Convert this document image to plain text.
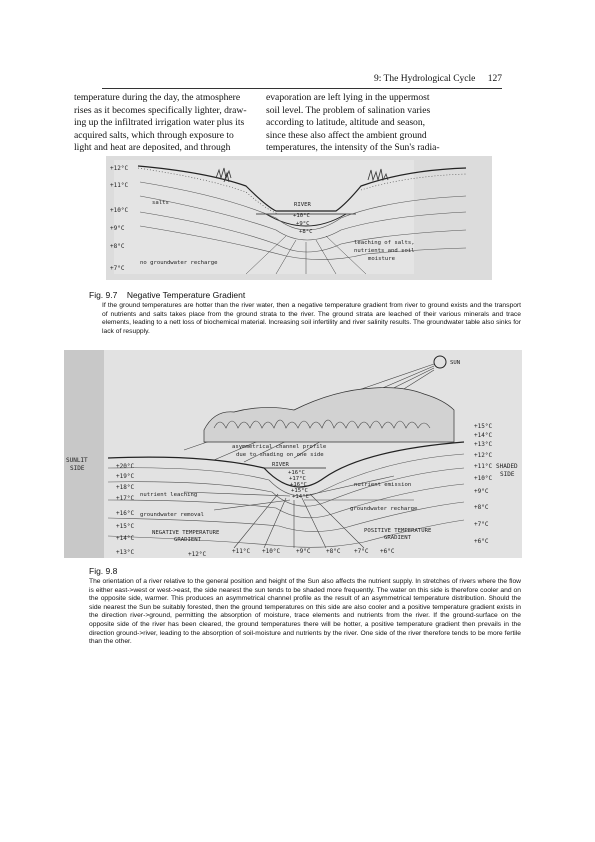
9: The Hydrological Cycle 127
temperature during the day, the atmosphere
rises as it becomes specifically lighter, draw-
ing up the infiltrated irrigation water plus its
acquired salts, which through exposure to
light and heat are deposited, and through
evaporation are left lying in the uppermost
soil level. The problem of salination varies
according to latitude, altitude and season,
since these also affect the ambient ground
temperatures, the intensity of the Sun's radia-
+12°C
+11°C
+10°C
+9°C
+8°C
+7°C
salts	RIVER
+10°C
+9°C
+8°C
leaching of salts,
nutrients and soil
moisture
no groundwater recharge
Fig. 9.7 Negative Temperature Gradient
If the ground temperatures are hotter than the river water, then a negative temperature gradient from river to ground exists and the transport of nutrients and salts takes place from the ground strata to the river. The ground strata are leached of their various minerals and trace elements, leading to a nett loss of biochemical material. Increasing soil infertility and river salinity results. The groundwater table also sinks for lack of resupply.
SUN
SUNLIT
SIDE	+20°C
+19°C
+18°C
+17°C
+16°C
+15°C
+14°C
+13°C
+15°C
+14°C
+13°C
+12°C
+11°C
+10°C
+9°C
+8°C
+7°C
+6°C
SHADED
SIDE
+12°C	+11°C +10°C	+9°C	+8°C +7°C +6°C
asymmetrical channel profile
due to shading on one side
RIVER
+16°C
+17°C
+16°C
+15°C
+14°C
nutrient leaching
groundwater removal
NEGATIVE TEMPERATURE
GRADIENT
nutrient emission
groundwater recharge
POSITIVE TEMPERATURE
GRADIENT
Fig. 9.8
The orientation of a river relative to the general position and height of the Sun also affects the nutrient supply. In stretches of rivers where the flow is either east->west or west->east, the side nearest the sun tends to be shaded more frequently. The water on this side is therefore cooler and on the opposite side, warmer. This produces an asymmetrical channel profile as the result of an asymmetrical temperature distribution. Should the side nearest the Sun be suitably forested, then the ground temperatures on this side are also cooler and a positive temperature gradient exists in the direction river->ground, permitting the absorption of moisture, trace elements and nutrients from the river. If the ground-surface on the opposite side of the river has been cleared, the ground temperatures there will be hotter, a positive temperature gradient then prevails in the direction ground->river, leading to the absorption of soil-moisture and nutrients by the river. One side of the river therefore tends to be more fertile than the other.
